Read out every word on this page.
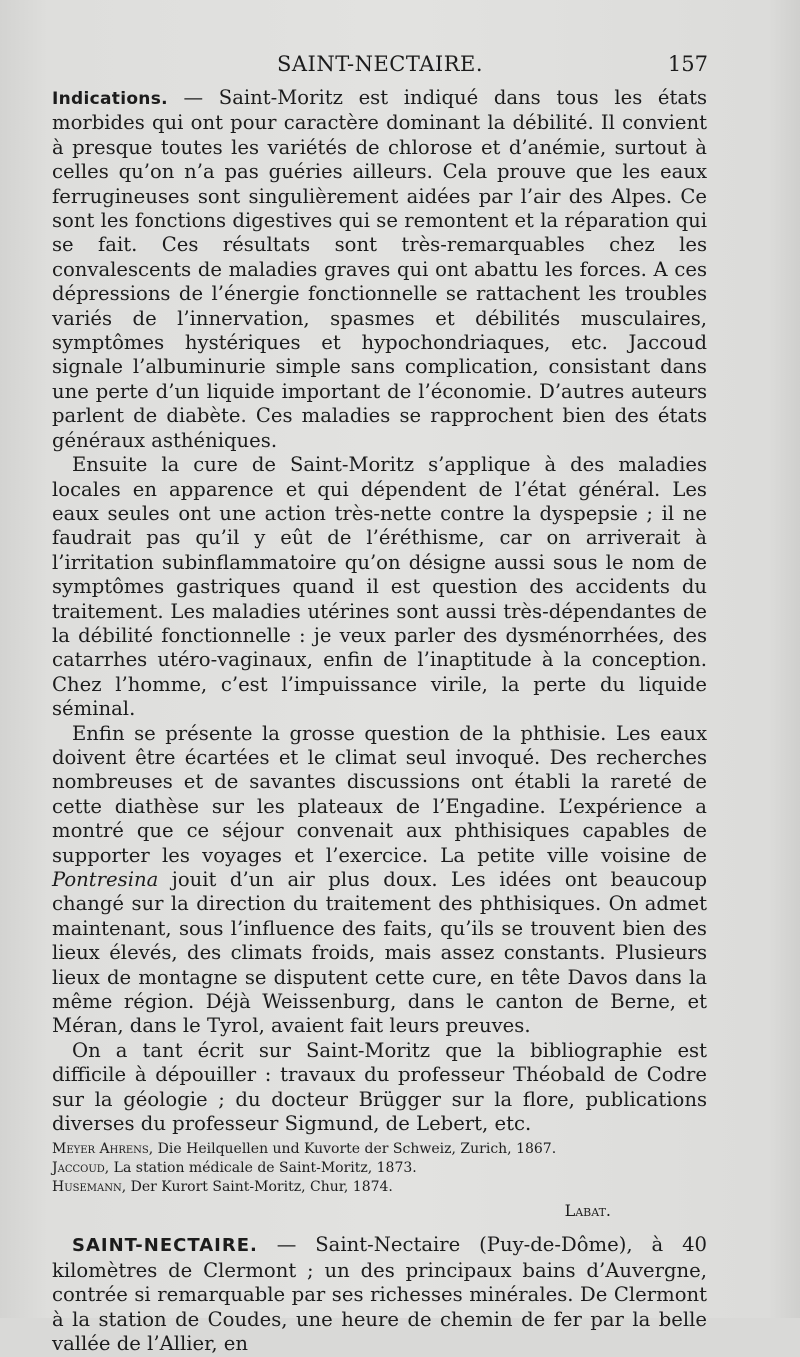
SAINT-NECTAIRE.	157

Indications. — Saint-Moritz est indiqué dans tous les états morbides qui ont pour caractère dominant la débilité. Il convient à presque toutes les variétés de chlorose et d’anémie, surtout à celles qu’on n’a pas guéries ailleurs. Cela prouve que les eaux ferrugineuses sont singulièrement aidées par l’air des Alpes. Ce sont les fonctions digestives qui se remontent et la réparation qui se fait. Ces résultats sont très-remarquables chez les convalescents de maladies graves qui ont abattu les forces. A ces dépressions de l’énergie fonctionnelle se rattachent les troubles variés de l’innervation, spasmes et débilités musculaires, symptômes hystériques et hypochondriaques, etc. Jaccoud signale l’albuminurie simple sans complication, consistant dans une perte d’un liquide important de l’économie. D’autres auteurs parlent de diabète. Ces maladies se rapprochent bien des états généraux asthéniques.

Ensuite la cure de Saint-Moritz s’applique à des maladies locales en apparence et qui dépendent de l’état général. Les eaux seules ont une action très-nette contre la dyspepsie ; il ne faudrait pas qu’il y eût de l’éréthisme, car on arriverait à l’irritation subinflammatoire qu’on désigne aussi sous le nom de symptômes gastriques quand il est question des accidents du traitement. Les maladies utérines sont aussi très-dépendantes de la débilité fonctionnelle : je veux parler des dysménorrhées, des catarrhes utéro-vaginaux, enfin de l’inaptitude à la conception. Chez l’homme, c’est l’impuissance virile, la perte du liquide séminal.

Enfin se présente la grosse question de la phthisie. Les eaux doivent être écartées et le climat seul invoqué. Des recherches nombreuses et de savantes discussions ont établi la rareté de cette diathèse sur les plateaux de l’Engadine. L’expérience a montré que ce séjour convenait aux phthisiques capables de supporter les voyages et l’exercice. La petite ville voisine de Pontresina jouit d’un air plus doux. Les idées ont beaucoup changé sur la direction du traitement des phthisiques. On admet maintenant, sous l’influence des faits, qu’ils se trouvent bien des lieux élevés, des climats froids, mais assez constants. Plusieurs lieux de montagne se disputent cette cure, en tête Davos dans la même région. Déjà Weissenburg, dans le canton de Berne, et Méran, dans le Tyrol, avaient fait leurs preuves.

On a tant écrit sur Saint-Moritz que la bibliographie est difficile à dépouiller : travaux du professeur Théobald de Codre sur la géologie ; du docteur Brügger sur la flore, publications diverses du professeur Sigmund, de Lebert, etc.

Meyer Ahrens, Die Heilquellen und Kuvorte der Schweiz, Zurich, 1867.

Jaccoud, La station médicale de Saint-Moritz, 1873.

Husemann, Der Kurort Saint-Moritz, Chur, 1874.

Labat.

SAINT-NECTAIRE. — Saint-Nectaire (Puy-de-Dôme), à 40 kilomètres de Clermont ; un des principaux bains d’Auvergne, contrée si remarquable par ses richesses minérales. De Clermont à la station de Coudes, une heure de chemin de fer par la belle vallée de l’Allier, en
